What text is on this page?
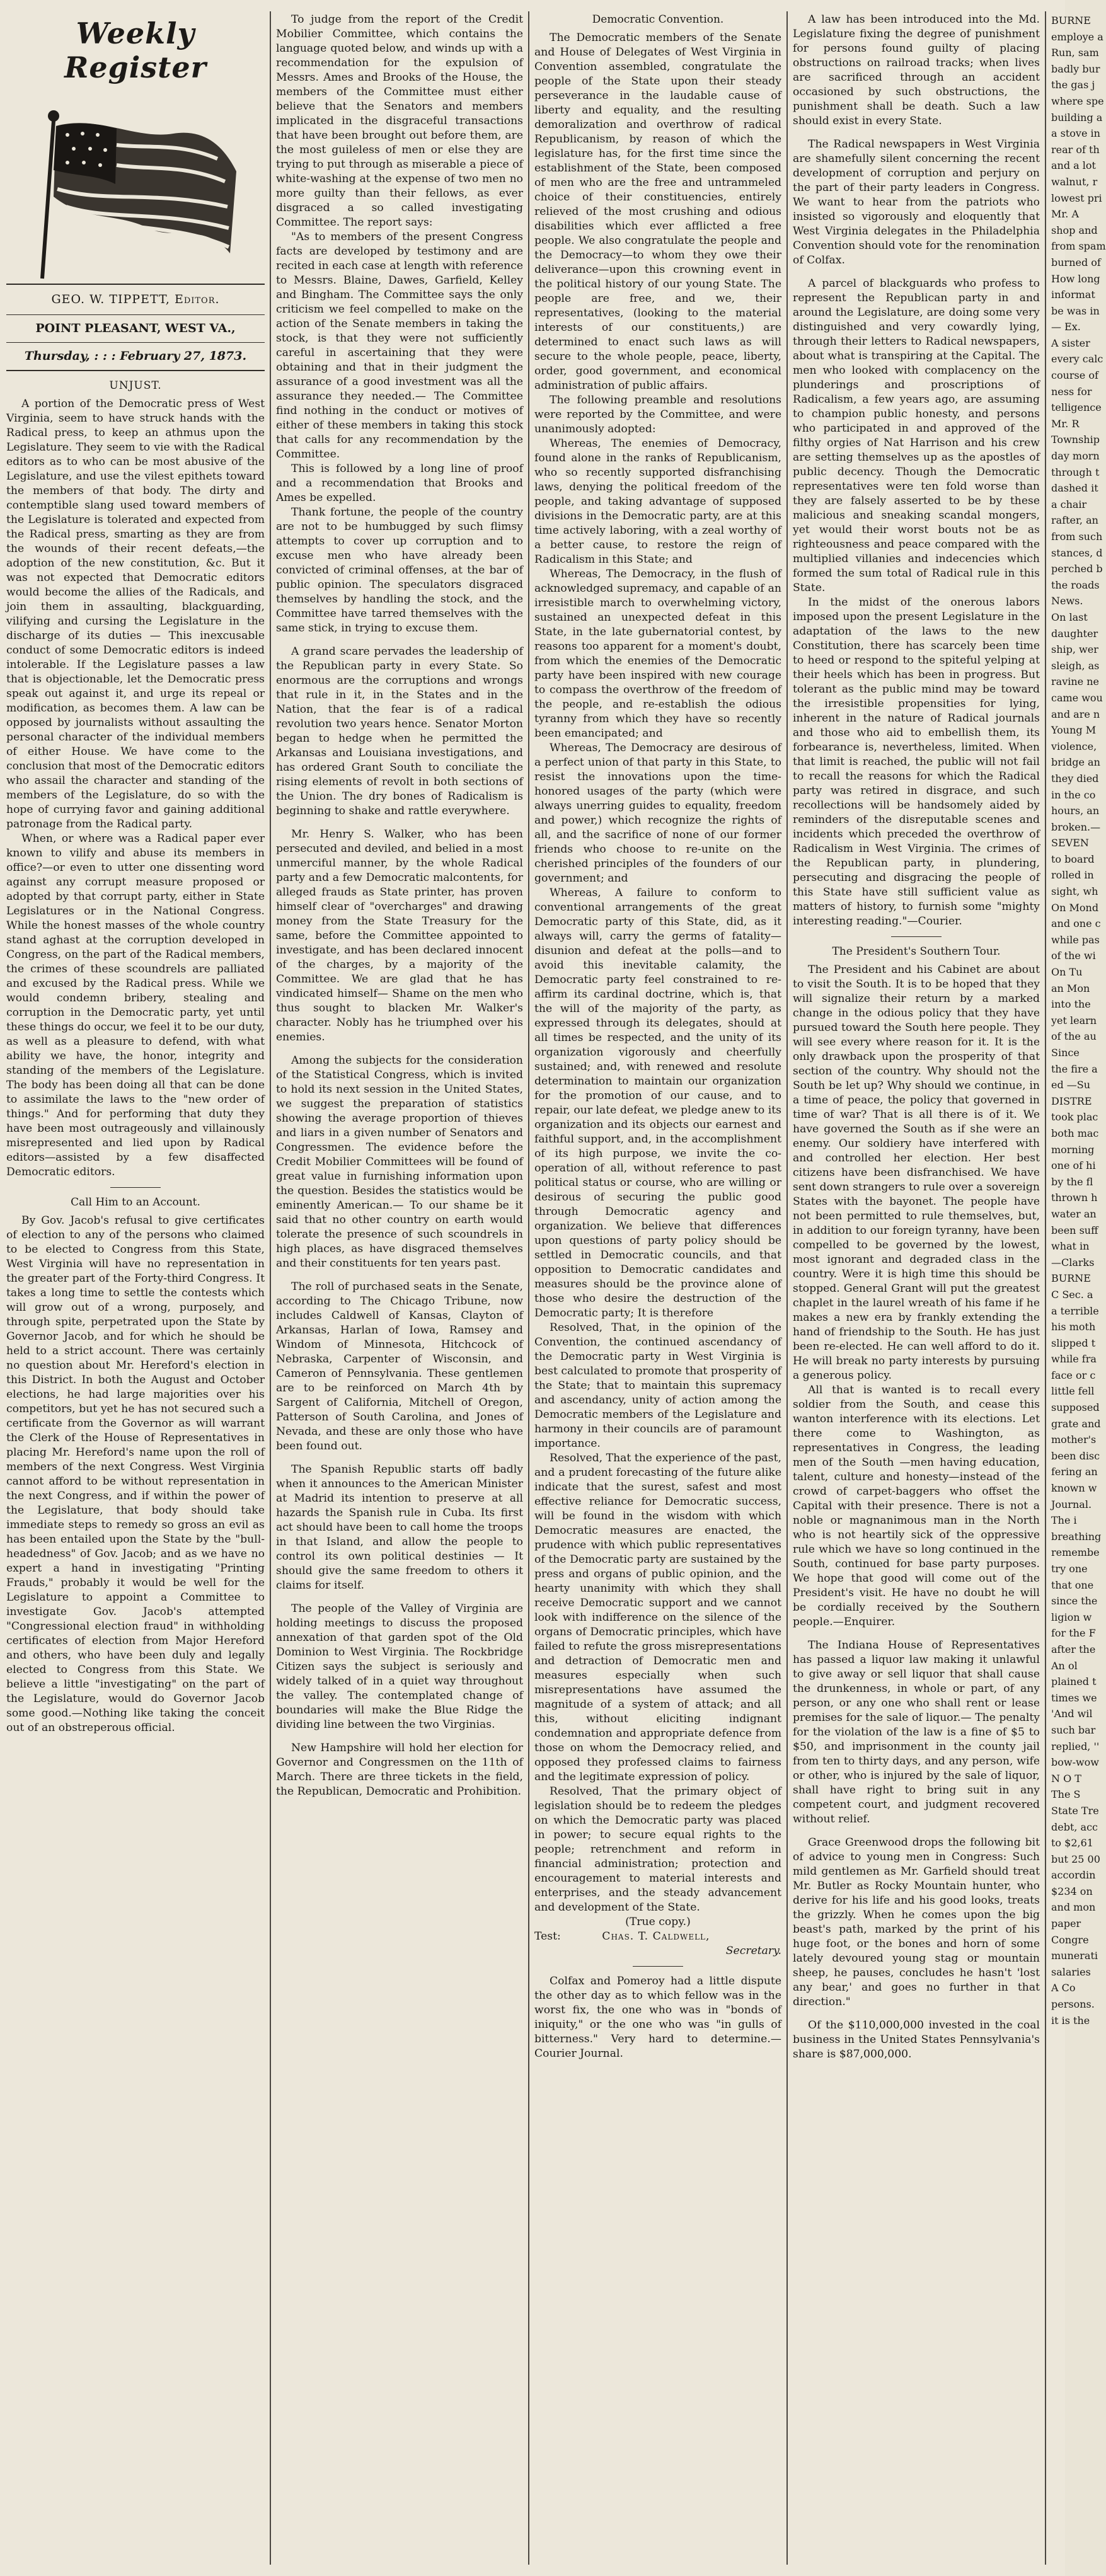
Weekly Register
GEO. W. TIPPETT, Editor.
POINT PLEASANT, WEST VA.,
Thursday, : : : February 27, 1873.
UNJUST.

A portion of the Democratic press of West Virginia, seem to have struck hands with the Radical press, to keep an athmus upon the Legislature. They seem to vie with the Radical editors as to who can be most abusive of the Legislature, and use the vilest epithets toward the members of that body. The dirty and contemptible slang used toward members of the Legislature is tolerated and expected from the Radical press, smarting as they are from the wounds of their recent defeats,—the adoption of the new constitution, &c. But it was not expected that Democratic editors would become the allies of the Radicals, and join them in assaulting, blackguarding, vilifying and cursing the Legislature in the discharge of its duties — This inexcusable conduct of some Democratic editors is indeed intolerable. If the Legislature passes a law that is objectionable, let the Democratic press speak out against it, and urge its repeal or modification, as becomes them. A law can be opposed by journalists without assaulting the personal character of the individual members of either House. We have come to the conclusion that most of the Democratic editors who assail the character and standing of the members of the Legislature, do so with the hope of currying favor and gaining additional patronage from the Radical party.

When, or where was a Radical paper ever known to vilify and abuse its members in office?—or even to utter one dissenting word against any corrupt measure proposed or adopted by that corrupt party, either in State Legislatures or in the National Congress. While the honest masses of the whole country stand aghast at the corruption developed in Congress, on the part of the Radical members, the crimes of these scoundrels are palliated and excused by the Radical press. While we would condemn bribery, stealing and corruption in the Democratic party, yet until these things do occur, we feel it to be our duty, as well as a pleasure to defend, with what ability we have, the honor, integrity and standing of the members of the Legislature. The body has been doing all that can be done to assimilate the laws to the "new order of things." And for performing that duty they have been most outrageously and villainously misrepresented and lied upon by Radical editors—assisted by a few disaffected Democratic editors.

Call Him to an Account.

By Gov. Jacob's refusal to give certificates of election to any of the persons who claimed to be elected to Congress from this State, West Virginia will have no representation in the greater part of the Forty-third Congress. It takes a long time to settle the contests which will grow out of a wrong, purposely, and through spite, perpetrated upon the State by Governor Jacob, and for which he should be held to a strict account. There was certainly no question about Mr. Hereford's election in this District. In both the August and October elections, he had large majorities over his competitors, but yet he has not secured such a certificate from the Governor as will warrant the Clerk of the House of Representatives in placing Mr. Hereford's name upon the roll of members of the next Congress. West Virginia cannot afford to be without representation in the next Congress, and if within the power of the Legislature, that body should take immediate steps to remedy so gross an evil as has been entailed upon the State by the "bull-headedness" of Gov. Jacob; and as we have no expert a hand in investigating "Printing Frauds," probably it would be well for the Legislature to appoint a Committee to investigate Gov. Jacob's attempted "Congressional election fraud" in withholding certificates of election from Major Hereford and others, who have been duly and legally elected to Congress from this State. We believe a little "investigating" on the part of the Legislature, would do Governor Jacob some good.—Nothing like taking the conceit out of an obstreperous official.

To judge from the report of the Credit Mobilier Committee, which contains the language quoted below, and winds up with a recommendation for the expulsion of Messrs. Ames and Brooks of the House, the members of the Committee must either believe that the Senators and members implicated in the disgraceful transactions that have been brought out before them, are the most guileless of men or else they are trying to put through as miserable a piece of white-washing at the expense of two men no more guilty than their fellows, as ever disgraced a so called investigating Committee. The report says:

"As to members of the present Congress facts are developed by testimony and are recited in each case at length with reference to Messrs. Blaine, Dawes, Garfield, Kelley and Bingham. The Committee says the only criticism we feel compelled to make on the action of the Senate members in taking the stock, is that they were not sufficiently careful in ascertaining that they were obtaining and that in their judgment the assurance of a good investment was all the assurance they needed.— The Committee find nothing in the conduct or motives of either of these members in taking this stock that calls for any recommendation by the Committee.

This is followed by a long line of proof and a recommendation that Brooks and Ames be expelled.

Thank fortune, the people of the country are not to be humbugged by such flimsy attempts to cover up corruption and to excuse men who have already been convicted of criminal offenses, at the bar of public opinion. The speculators disgraced themselves by handling the stock, and the Committee have tarred themselves with the same stick, in trying to excuse them.

A grand scare pervades the leadership of the Republican party in every State. So enormous are the corruptions and wrongs that rule in it, in the States and in the Nation, that the fear is of a radical revolution two years hence. Senator Morton began to hedge when he permitted the Arkansas and Louisiana investigations, and has ordered Grant South to conciliate the rising elements of revolt in both sections of the Union. The dry bones of Radicalism is beginning to shake and rattle everywhere.

Mr. Henry S. Walker, who has been persecuted and deviled, and belied in a most unmerciful manner, by the whole Radical party and a few Democratic malcontents, for alleged frauds as State printer, has proven himself clear of "overcharges" and drawing money from the State Treasury for the same, before the Committee appointed to investigate, and has been declared innocent of the charges, by a majority of the Committee. We are glad that he has vindicated himself— Shame on the men who thus sought to blacken Mr. Walker's character. Nobly has he triumphed over his enemies.

Among the subjects for the consideration of the Statistical Congress, which is invited to hold its next session in the United States, we suggest the preparation of statistics showing the average proportion of thieves and liars in a given number of Senators and Congressmen. The evidence before the Credit Mobilier Committees will be found of great value in furnishing information upon the question. Besides the statistics would be eminently American.— To our shame be it said that no other country on earth would tolerate the presence of such scoundrels in high places, as have disgraced themselves and their constituents for ten years past.

The roll of purchased seats in the Senate, according to The Chicago Tribune, now includes Caldwell of Kansas, Clayton of Arkansas, Harlan of Iowa, Ramsey and Windom of Minnesota, Hitchcock of Nebraska, Carpenter of Wisconsin, and Cameron of Pennsylvania. These gentlemen are to be reinforced on March 4th by Sargent of California, Mitchell of Oregon, Patterson of South Carolina, and Jones of Nevada, and these are only those who have been found out.

The Spanish Republic starts off badly when it announces to the American Minister at Madrid its intention to preserve at all hazards the Spanish rule in Cuba. Its first act should have been to call home the troops in that Island, and allow the people to control its own political destinies — It should give the same freedom to others it claims for itself.

The people of the Valley of Virginia are holding meetings to discuss the proposed annexation of that garden spot of the Old Dominion to West Virginia. The Rockbridge Citizen says the subject is seriously and widely talked of in a quiet way throughout the valley. The contemplated change of boundaries will make the Blue Ridge the dividing line between the two Virginias.

New Hampshire will hold her election for Governor and Congressmen on the 11th of March. There are three tickets in the field, the Republican, Democratic and Prohibition.

Democratic Convention.

The Democratic members of the Senate and House of Delegates of West Virginia in Convention assembled, congratulate the people of the State upon their steady perseverance in the laudable cause of liberty and equality, and the resulting demoralization and overthrow of radical Republicanism, by reason of which the legislature has, for the first time since the establishment of the State, been composed of men who are the free and untrammeled choice of their constituencies, entirely relieved of the most crushing and odious disabilities which ever afflicted a free people. We also congratulate the people and the Democracy—to whom they owe their deliverance—upon this crowning event in the political history of our young State. The people are free, and we, their representatives, (looking to the material interests of our constituents,) are determined to enact such laws as will secure to the whole people, peace, liberty, order, good government, and economical administration of public affairs.

The following preamble and resolutions were reported by the Committee, and were unanimously adopted:

Whereas, The enemies of Democracy, found alone in the ranks of Republicanism, who so recently supported disfranchising laws, denying the political freedom of the people, and taking advantage of supposed divisions in the Democratic party, are at this time actively laboring, with a zeal worthy of a better cause, to restore the reign of Radicalism in this State; and

Whereas, The Democracy, in the flush of acknowledged supremacy, and capable of an irresistible march to overwhelming victory, sustained an unexpected defeat in this State, in the late gubernatorial contest, by reasons too apparent for a moment's doubt, from which the enemies of the Democratic party have been inspired with new courage to compass the overthrow of the freedom of the people, and re-establish the odious tyranny from which they have so recently been emancipated; and

Whereas, The Democracy are desirous of a perfect union of that party in this State, to resist the innovations upon the time-honored usages of the party (which were always unerring guides to equality, freedom and power,) which recognize the rights of all, and the sacrifice of none of our former friends who choose to re-unite on the cherished principles of the founders of our government; and

Whereas, A failure to conform to conventional arrangements of the great Democratic party of this State, did, as it always will, carry the germs of fatality—disunion and defeat at the polls—and to avoid this inevitable calamity, the Democratic party feel constrained to re-affirm its cardinal doctrine, which is, that the will of the majority of the party, as expressed through its delegates, should at all times be respected, and the unity of its organization vigorously and cheerfully sustained; and, with renewed and resolute determination to maintain our organization for the promotion of our cause, and to repair, our late defeat, we pledge anew to its organization and its objects our earnest and faithful support, and, in the accomplishment of its high purpose, we invite the co-operation of all, without reference to past political status or course, who are willing or desirous of securing the public good through Democratic agency and organization. We believe that differences upon questions of party policy should be settled in Democratic councils, and that opposition to Democratic candidates and measures should be the province alone of those who desire the destruction of the Democratic party; It is therefore

Resolved, That, in the opinion of the Convention, the continued ascendancy of the Democratic party in West Virginia is best calculated to promote that prosperity of the State; that to maintain this supremacy and ascendancy, unity of action among the Democratic members of the Legislature and harmony in their councils are of paramount importance.

Resolved, That the experience of the past, and a prudent forecasting of the future alike indicate that the surest, safest and most effective reliance for Democratic success, will be found in the wisdom with which Democratic measures are enacted, the prudence with which public representatives of the Democratic party are sustained by the press and organs of public opinion, and the hearty unanimity with which they shall receive Democratic support and we cannot look with indifference on the silence of the organs of Democratic principles, which have failed to refute the gross misrepresentations and detraction of Democratic men and measures especially when such misrepresentations have assumed the magnitude of a system of attack; and all this, without eliciting indignant condemnation and appropriate defence from those on whom the Democracy relied, and opposed they professed claims to fairness and the legitimate expression of policy.

Resolved, That the primary object of legislation should be to redeem the pledges on which the Democratic party was placed in power; to secure equal rights to the people; retrenchment and reform in financial administration; protection and encouragement to material interests and enterprises, and the steady advancement and development of the State.

(True copy.)
Test:	Chas. T. Caldwell,
Secretary.

Colfax and Pomeroy had a little dispute the other day as to which fellow was in the worst fix, the one who was in "bonds of iniquity," or the one who was "in gulls of bitterness." Very hard to determine.—Courier Journal.

A law has been introduced into the Md. Legislature fixing the degree of punishment for persons found guilty of placing obstructions on railroad tracks; when lives are sacrificed through an accident occasioned by such obstructions, the punishment shall be death. Such a law should exist in every State.

The Radical newspapers in West Virginia are shamefully silent concerning the recent development of corruption and perjury on the part of their party leaders in Congress. We want to hear from the patriots who insisted so vigorously and eloquently that West Virginia delegates in the Philadelphia Convention should vote for the renomination of Colfax.

A parcel of blackguards who profess to represent the Republican party in and around the Legislature, are doing some very distinguished and very cowardly lying, through their letters to Radical newspapers, about what is transpiring at the Capital. The men who looked with complacency on the plunderings and proscriptions of Radicalism, a few years ago, are assuming to champion public honesty, and persons who participated in and approved of the filthy orgies of Nat Harrison and his crew are setting themselves up as the apostles of public decency. Though the Democratic representatives were ten fold worse than they are falsely asserted to be by these malicious and sneaking scandal mongers, yet would their worst bouts not be as righteousness and peace compared with the multiplied villanies and indecencies which formed the sum total of Radical rule in this State.

In the midst of the onerous labors imposed upon the present Legislature in the adaptation of the laws to the new Constitution, there has scarcely been time to heed or respond to the spiteful yelping at their heels which has been in progress. But tolerant as the public mind may be toward the irresistible propensities for lying, inherent in the nature of Radical journals and those who aid to embellish them, its forbearance is, nevertheless, limited. When that limit is reached, the public will not fail to recall the reasons for which the Radical party was retired in disgrace, and such recollections will be handsomely aided by reminders of the disreputable scenes and incidents which preceded the overthrow of Radicalism in West Virginia. The crimes of the Republican party, in plundering, persecuting and disgracing the people of this State have still sufficient value as matters of history, to furnish some "mighty interesting reading."—Courier.

The President's Southern Tour.

The President and his Cabinet are about to visit the South. It is to be hoped that they will signalize their return by a marked change in the odious policy that they have pursued toward the South here people. They will see every where reason for it. It is the only drawback upon the prosperity of that section of the country. Why should not the South be let up? Why should we continue, in a time of peace, the policy that governed in time of war? That is all there is of it. We have governed the South as if she were an enemy. Our soldiery have interfered with and controlled her election. Her best citizens have been disfranchised. We have sent down strangers to rule over a sovereign States with the bayonet. The people have not been permitted to rule themselves, but, in addition to our foreign tyranny, have been compelled to be governed by the lowest, most ignorant and degraded class in the country. Were it is high time this should be stopped. General Grant will put the greatest chaplet in the laurel wreath of his fame if he makes a new era by frankly extending the hand of friendship to the South. He has just been re-elected. He can well afford to do it. He will break no party interests by pursuing a generous policy.

All that is wanted is to recall every soldier from the South, and cease this wanton interference with its elections. Let there come to Washington, as representatives in Congress, the leading men of the South —men having education, talent, culture and honesty—instead of the crowd of carpet-baggers who offset the Capital with their presence. There is not a noble or magnanimous man in the North who is not heartily sick of the oppressive rule which we have so long continued in the South, continued for base party purposes. We hope that good will come out of the President's visit. He have no doubt he will be cordially received by the Southern people.—Enquirer.

The Indiana House of Representatives has passed a liquor law making it unlawful to give away or sell liquor that shall cause the drunkenness, in whole or part, of any person, or any one who shall rent or lease premises for the sale of liquor.— The penalty for the violation of the law is a fine of $5 to $50, and imprisonment in the county jail from ten to thirty days, and any person, wife or other, who is injured by the sale of liquor, shall have right to bring suit in any competent court, and judgment recovered without relief.

Grace Greenwood drops the following bit of advice to young men in Congress: Such mild gentlemen as Mr. Garfield should treat Mr. Butler as Rocky Mountain hunter, who derive for his life and his good looks, treats the grizzly. When he comes upon the big beast's path, marked by the print of his huge foot, or the bones and horn of some lately devoured young stag or mountain sheep, he pauses, concludes he hasn't 'lost any bear,' and goes no further in that direction."

Of the $110,000,000 invested in the coal business in the United States Pennsylvania's share is $87,000,000.

BURNE
employe a
Run, sam
badly bur
the gas j
where spe
building a
a stove in
rear of th
and a lot
walnut, r
lowest pri
Mr. A
shop and
from spam
burned of
How long
informat
be was in
— Ex.
A sister
every calc
course of
ness for
telligence
Mr. R
Township
day morn
through t
dashed it
a chair
rafter, an
from such
stances, d
perched b
the roads
News.
On last
daughter
ship, wer
sleigh, as
ravine ne
came wou
and are n
Young M
violence,
bridge an
they died
in the co
hours, an
broken.—
SEVEN
to board
rolled in
sight, wh
On Mond
and one c
while pas
of the wi
On Tu
an Mon
into the
yet learn
of the au
Since
the fire a
ed —Su
DISTRE
took plac
both mac
morning
one of hi
by the fl
thrown h
water an
been suff
what in
—Clarks
BURNE
C Sec. a
a terrible
his moth
slipped t
while fra
face or c
little fell
supposed
grate and
mother's
been disc
fering an
known w
Journal.
The i
breathing
remembe
try one
that one
since the
ligion w
for the F
after the
An ol
plained t
times we
'And wil
such bar
replied, ''
bow-wow
N O T
The S
State Tre
debt, acc
to $2,61
but 25 00
accordin
$234 on
and mon
paper
Congre
munerati
salaries
A Co
persons.
it is the
